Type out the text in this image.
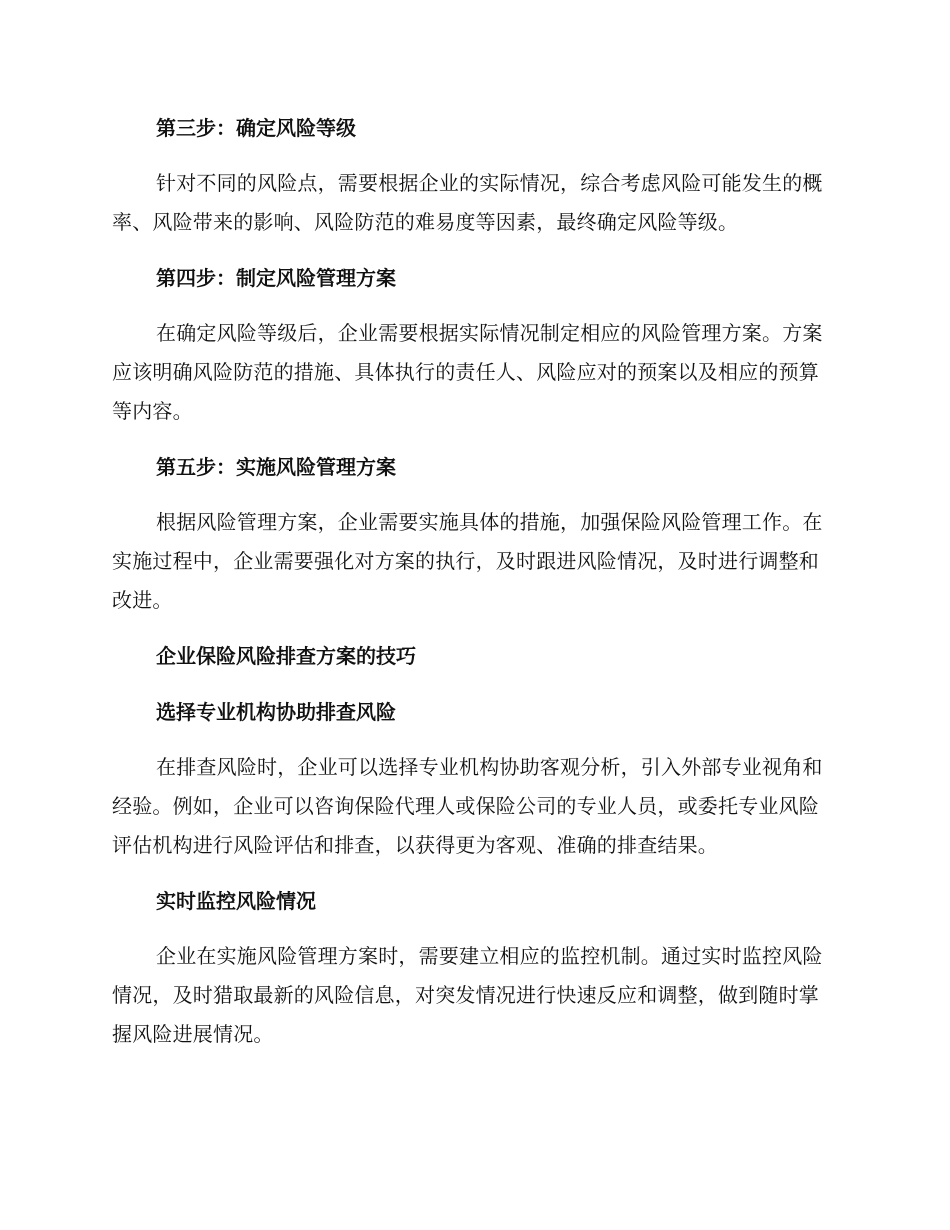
第三步：确定风险等级

针对不同的风险点，需要根据企业的实际情况，综合考虑风险可能发生的概率、风险带来的影响、风险防范的难易度等因素，最终确定风险等级。

第四步：制定风险管理方案

在确定风险等级后，企业需要根据实际情况制定相应的风险管理方案。方案应该明确风险防范的措施、具体执行的责任人、风险应对的预案以及相应的预算等内容。

第五步：实施风险管理方案

根据风险管理方案，企业需要实施具体的措施，加强保险风险管理工作。在实施过程中，企业需要强化对方案的执行，及时跟进风险情况，及时进行调整和改进。

企业保险风险排查方案的技巧
选择专业机构协助排查风险

在排查风险时，企业可以选择专业机构协助客观分析，引入外部专业视角和经验。例如，企业可以咨询保险代理人或保险公司的专业人员，或委托专业风险评估机构进行风险评估和排查，以获得更为客观、准确的排查结果。

实时监控风险情况

企业在实施风险管理方案时，需要建立相应的监控机制。通过实时监控风险情况，及时猎取最新的风险信息，对突发情况进行快速反应和调整，做到随时掌握风险进展情况。
